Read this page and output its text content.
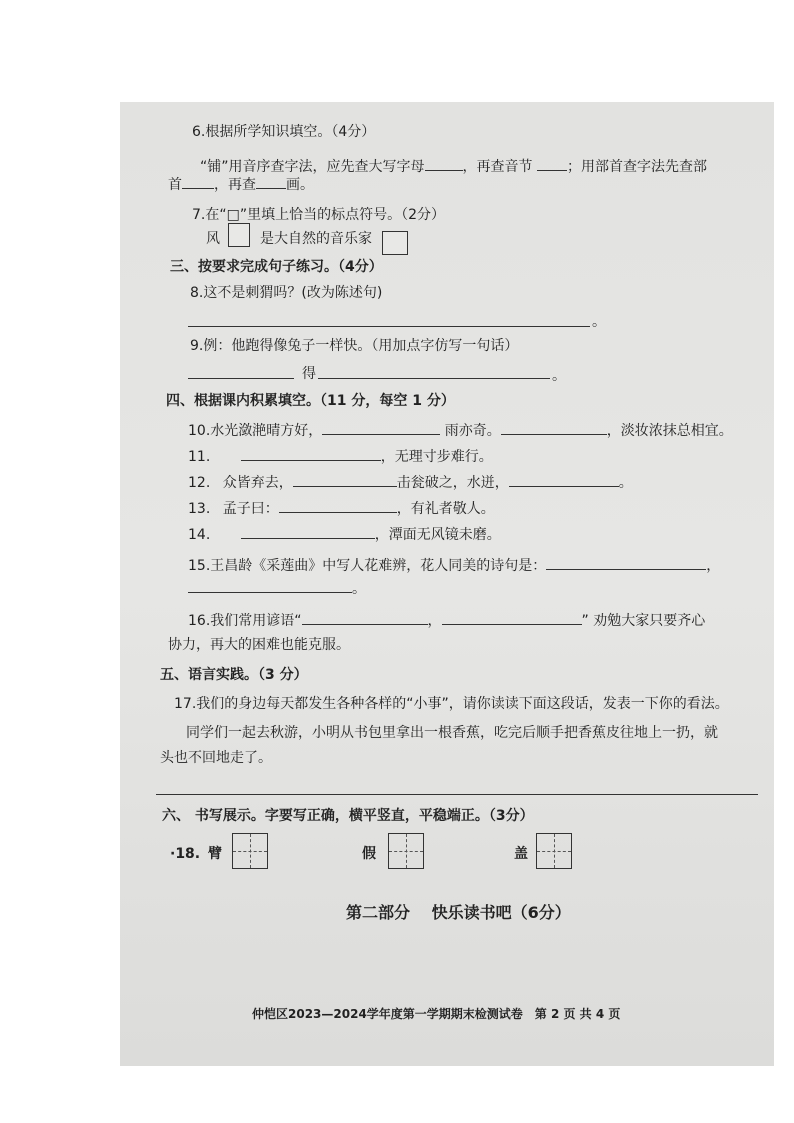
6.根据所学知识填空。（4分）
“铺”用音序查字法，应先查大写字母	，再查音节 ；用部首查字法先查部
首 ，再查 画。
7.在“□”里填上恰当的标点符号。（2分）
风	是大自然的音乐家
三、按要求完成句子练习。（4分）
8.这不是刺猬吗？(改为陈述句)
。
9.例：他跑得像兔子一样快。（用加点字仿写一句话）
得	。
四、根据课内积累填空。（11 分，每空 1 分）
10.水光潋滟晴方好，	雨亦奇。	，淡妆浓抹总相宜。
11.	，无理寸步难行。
12. 众皆弃去，	击瓮破之，水迸，	。
13. 孟子曰：	，有礼者敬人。
14.	，潭面无风镜未磨。
15.王昌龄《采莲曲》中写人花难辨，花人同美的诗句是：	，
。
16.我们常用谚语“	，	” 劝勉大家只要齐心
协力，再大的困难也能克服。
五、语言实践。（3 分）
17.我们的身边每天都发生各种各样的“小事”，请你读读下面这段话，发表一下你的看法。
同学们一起去秋游，小明从书包里拿出一根香蕉，吃完后顺手把香蕉皮往地上一扔，就
头也不回地走了。
六、 书写展示。字要写正确，横平竖直，平稳端正。（3分）
·18. 臂	假	盖
第二部分　 快乐读书吧（6分）
仲恺区2023—2024学年度第一学期期末检测试卷　第 2 页 共 4 页
